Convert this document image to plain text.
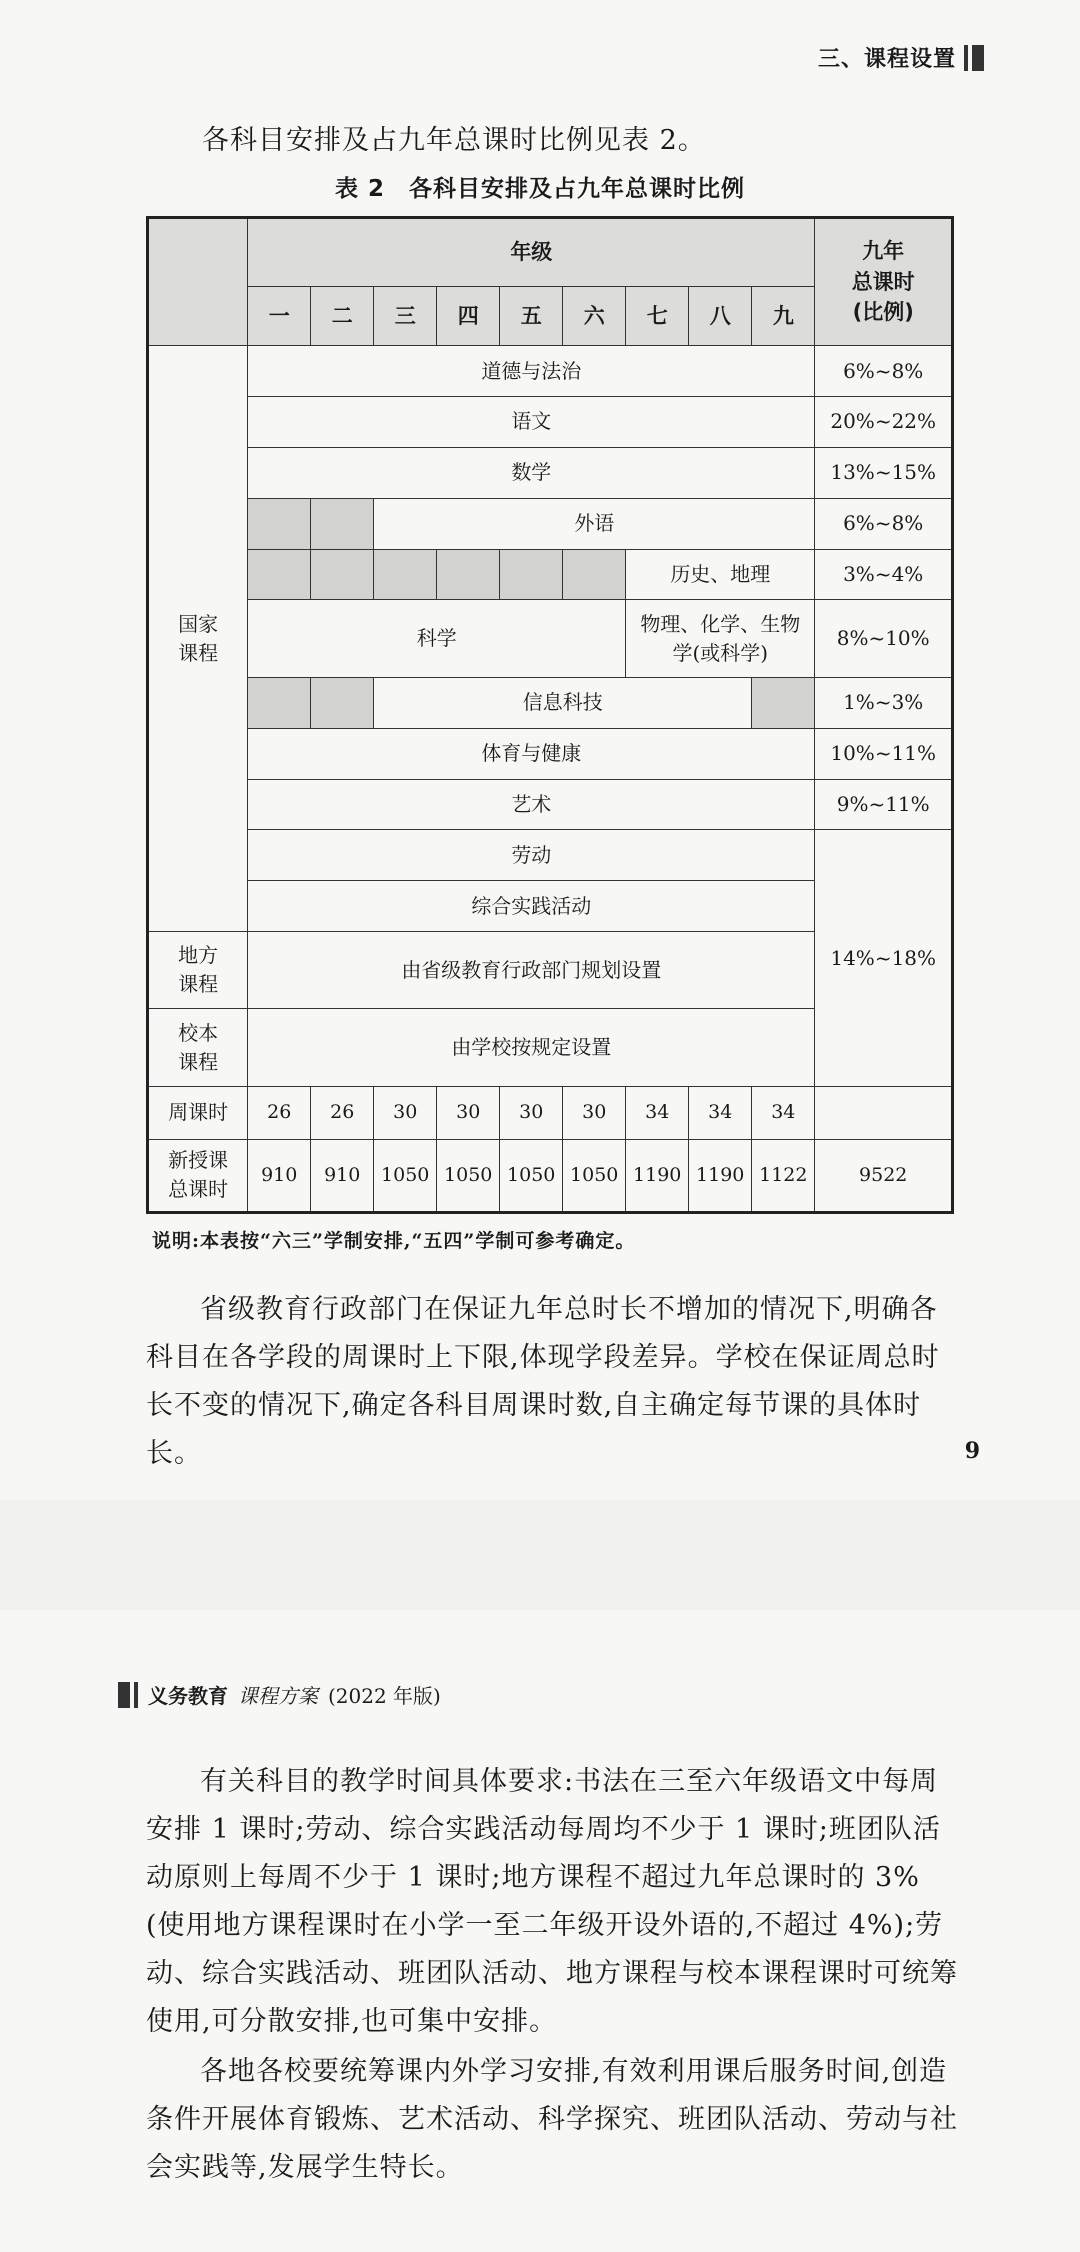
三、课程设置
各科目安排及占九年总课时比例见表 2。
表 2　各科目安排及占九年总课时比例
	年级									九年
总课时
(比例)

	一	二	三	四	五	六	七	八	九	

国家
课程	道德与法治									6%~8%
	语文									20%~22%
	数学									13%~15%
			外语							6%~8%
							历史、地理			3%~4%
	科学						物理、化学、生物
学(或科学)			8%~10%
			信息科技							1%~3%
	体育与健康									10%~11%
	艺术									9%~11%
	劳动									14%~18%
	综合实践活动									

地方
课程	由省级教育行政部门规划设置									

校本
课程	由学校按规定设置									
周课时	26	26	30	30	30	30	34	34	34	

新授课
总课时	910	910	1050	1050	1050	1050	1190	1190	1122	9522
说明:本表按“六三”学制安排,“五四”学制可参考确定。

省级教育行政部门在保证九年总时长不增加的情况下,明确各科目在各学段的周课时上下限,体现学段差异。学校在保证周总时长不变的情况下,确定各科目周课时数,自主确定每节课的具体时长。	9
义务教育 课程方案 (2022 年版)

有关科目的教学时间具体要求:书法在三至六年级语文中每周安排 1 课时;劳动、综合实践活动每周均不少于 1 课时;班团队活动原则上每周不少于 1 课时;地方课程不超过九年总课时的 3%(使用地方课程课时在小学一至二年级开设外语的,不超过 4%);劳动、综合实践活动、班团队活动、地方课程与校本课程课时可统筹使用,可分散安排,也可集中安排。

各地各校要统筹课内外学习安排,有效利用课后服务时间,创造条件开展体育锻炼、艺术活动、科学探究、班团队活动、劳动与社会实践等,发展学生特长。
